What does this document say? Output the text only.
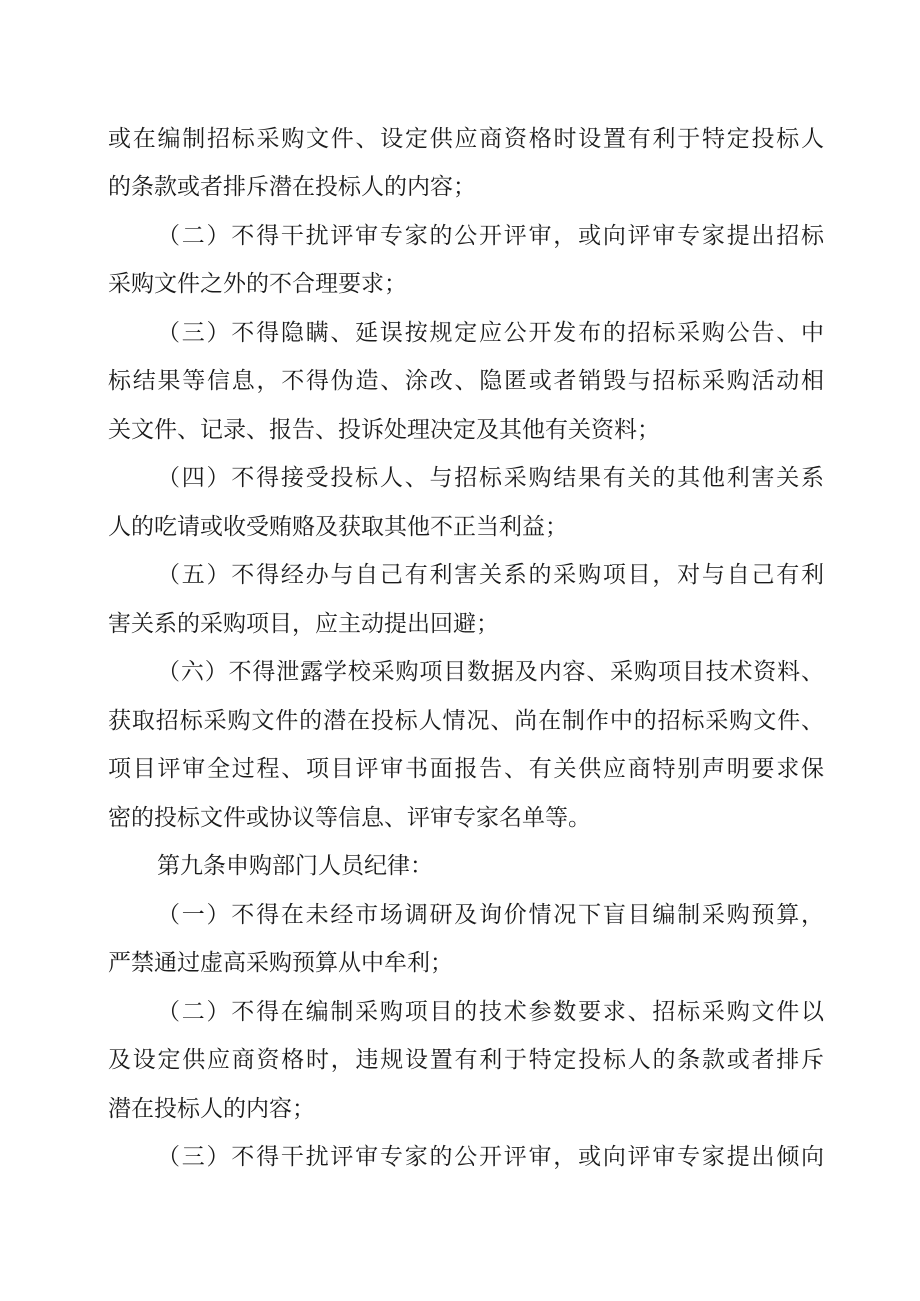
或在编制招标采购文件、设定供应商资格时设置有利于特定投标人
的条款或者排斥潜在投标人的内容；
（二）不得干扰评审专家的公开评审，或向评审专家提出招标
采购文件之外的不合理要求；
（三）不得隐瞒、延误按规定应公开发布的招标采购公告、中
标结果等信息，不得伪造、涂改、隐匿或者销毁与招标采购活动相
关文件、记录、报告、投诉处理决定及其他有关资料；
（四）不得接受投标人、与招标采购结果有关的其他利害关系
人的吃请或收受贿赂及获取其他不正当利益；
（五）不得经办与自己有利害关系的采购项目，对与自己有利
害关系的采购项目，应主动提出回避；
（六）不得泄露学校采购项目数据及内容、采购项目技术资料、
获取招标采购文件的潜在投标人情况、尚在制作中的招标采购文件、
项目评审全过程、项目评审书面报告、有关供应商特别声明要求保
密的投标文件或协议等信息、评审专家名单等。
第九条申购部门人员纪律：
（一）不得在未经市场调研及询价情况下盲目编制采购预算，
严禁通过虚高采购预算从中牟利；
（二）不得在编制采购项目的技术参数要求、招标采购文件以
及设定供应商资格时，违规设置有利于特定投标人的条款或者排斥
潜在投标人的内容；
（三）不得干扰评审专家的公开评审，或向评审专家提出倾向
